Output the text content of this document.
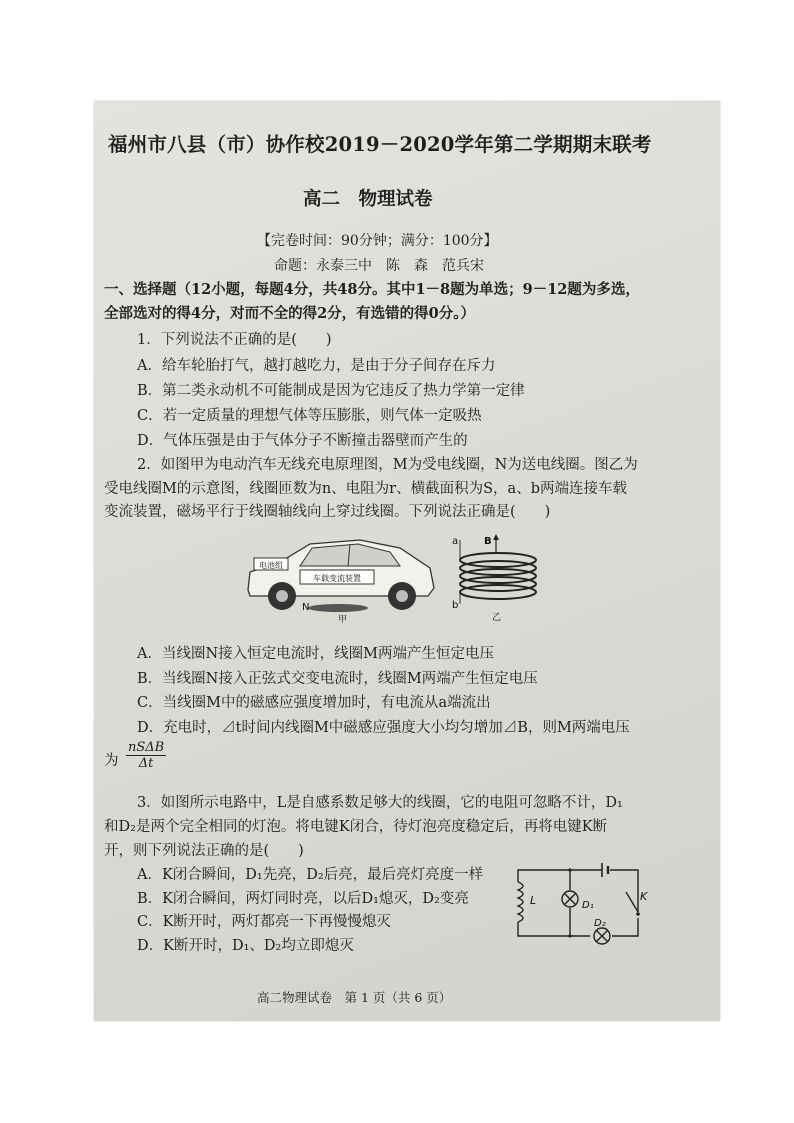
福州市八县（市）协作校2019－2020学年第二学期期末联考
高二　物理试卷
【完卷时间：90分钟；满分：100分】
命题：永泰三中　陈　森　范兵宋
一、选择题（12小题，每题4分，共48分。其中1－8题为单选；9－12题为多选，
全部选对的得4分，对而不全的得2分，有选错的得0分。）
1．下列说法不正确的是(　　)
A．给车轮胎打气，越打越吃力，是由于分子间存在斥力
B．第二类永动机不可能制成是因为它违反了热力学第一定律
C．若一定质量的理想气体等压膨胀，则气体一定吸热
D．气体压强是由于气体分子不断撞击器壁而产生的
2．如图甲为电动汽车无线充电原理图，M为受电线圈，N为送电线圈。图乙为
受电线圈M的示意图，线圈匝数为n、电阻为r、横截面积为S，a、b两端连接车载
变流装置，磁场平行于线圈轴线向上穿过线圈。下列说法正确是(　　)
电池组
车载变流装置
N
甲
a
b
B
乙
A．当线圈N接入恒定电流时，线圈M两端产生恒定电压
B．当线圈N接入正弦式交变电流时，线圈M两端产生恒定电压
C．当线圈M中的磁感应强度增加时，有电流从a端流出
D．充电时，⊿t时间内线圈M中磁感应强度大小均匀增加⊿B，则M两端电压
为
nSΔB
Δt
3．如图所示电路中，L是自感系数足够大的线圈，它的电阻可忽略不计，D₁
和D₂是两个完全相同的灯泡。将电键K闭合，待灯泡亮度稳定后，再将电键K断
开，则下列说法正确的是(　　)
A．K闭合瞬间，D₁先亮，D₂后亮，最后亮灯亮度一样
B．K闭合瞬间，两灯同时亮，以后D₁熄灭，D₂变亮
C．K断开时，两灯都亮一下再慢慢熄灭
D．K断开时，D₁、D₂均立即熄灭
L	D₁
D₂
K
高二物理试卷　第 1 页（共 6 页）
